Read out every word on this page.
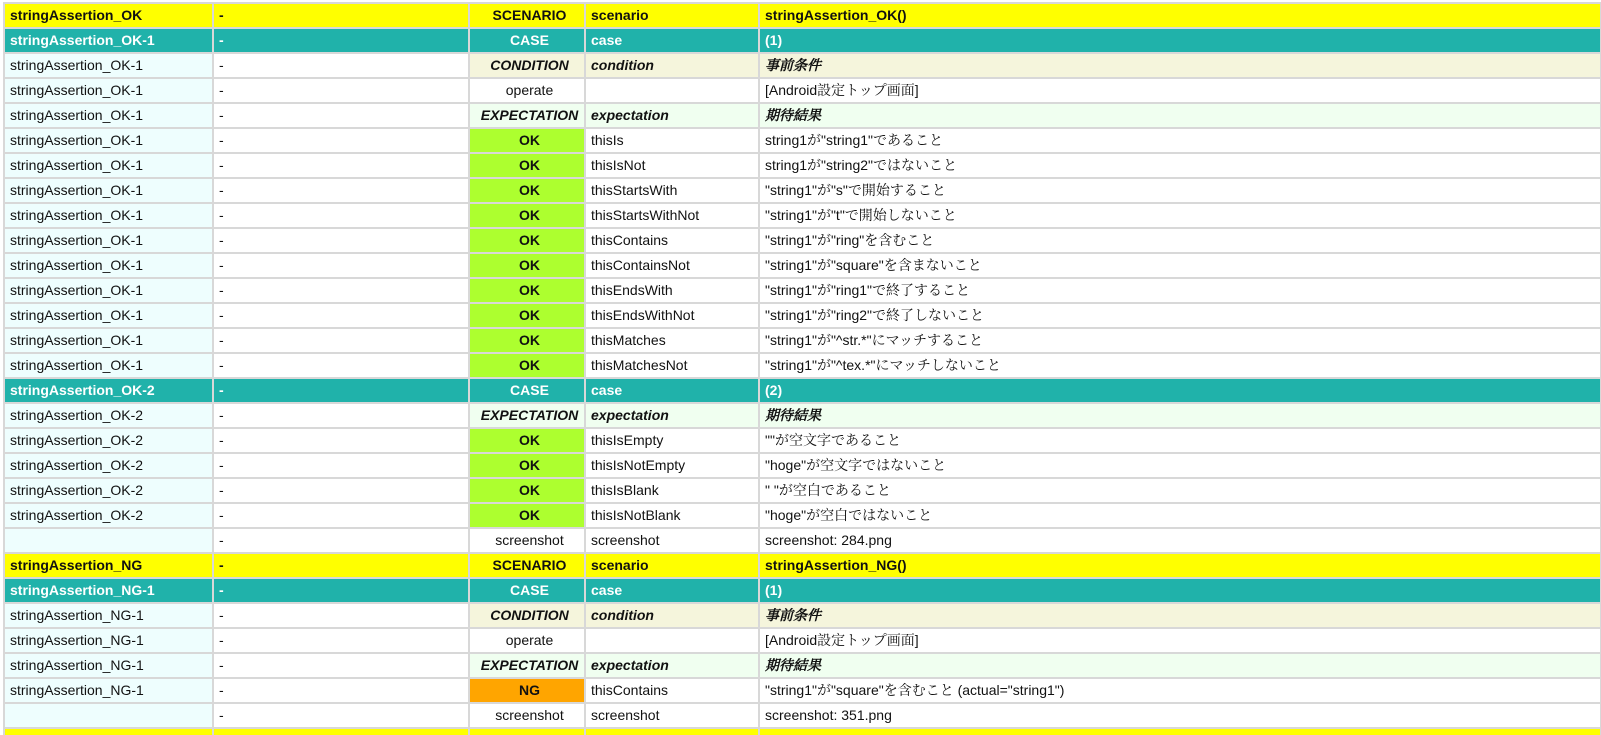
stringAssertion_OK	-	SCENARIO	scenario	stringAssertion_OK()
stringAssertion_OK-1	-	CASE	case	(1)
stringAssertion_OK-1	-	CONDITION	condition	事前条件
stringAssertion_OK-1	-	operate		[Android設定トップ画面]
stringAssertion_OK-1	-	EXPECTATION	expectation	期待結果
stringAssertion_OK-1	-	OK	thisIs	string1が"string1"であること
stringAssertion_OK-1	-	OK	thisIsNot	string1が"string2"ではないこと
stringAssertion_OK-1	-	OK	thisStartsWith	"string1"が"s"で開始すること
stringAssertion_OK-1	-	OK	thisStartsWithNot	"string1"が"t"で開始しないこと
stringAssertion_OK-1	-	OK	thisContains	"string1"が"ring"を含むこと
stringAssertion_OK-1	-	OK	thisContainsNot	"string1"が"square"を含まないこと
stringAssertion_OK-1	-	OK	thisEndsWith	"string1"が"ring1"で終了すること
stringAssertion_OK-1	-	OK	thisEndsWithNot	"string1"が"ring2"で終了しないこと
stringAssertion_OK-1	-	OK	thisMatches	"string1"が"^str.*"にマッチすること
stringAssertion_OK-1	-	OK	thisMatchesNot	"string1"が"^tex.*"にマッチしないこと
stringAssertion_OK-2	-	CASE	case	(2)
stringAssertion_OK-2	-	EXPECTATION	expectation	期待結果
stringAssertion_OK-2	-	OK	thisIsEmpty	""が空文字であること
stringAssertion_OK-2	-	OK	thisIsNotEmpty	"hoge"が空文字ではないこと
stringAssertion_OK-2	-	OK	thisIsBlank	" "が空白であること
stringAssertion_OK-2	-	OK	thisIsNotBlank	"hoge"が空白ではないこと
	-	screenshot	screenshot	screenshot: 284.png
stringAssertion_NG	-	SCENARIO	scenario	stringAssertion_NG()
stringAssertion_NG-1	-	CASE	case	(1)
stringAssertion_NG-1	-	CONDITION	condition	事前条件
stringAssertion_NG-1	-	operate		[Android設定トップ画面]
stringAssertion_NG-1	-	EXPECTATION	expectation	期待結果
stringAssertion_NG-1	-	NG	thisContains	"string1"が"square"を含むこと (actual="string1")
	-	screenshot	screenshot	screenshot: 351.png
